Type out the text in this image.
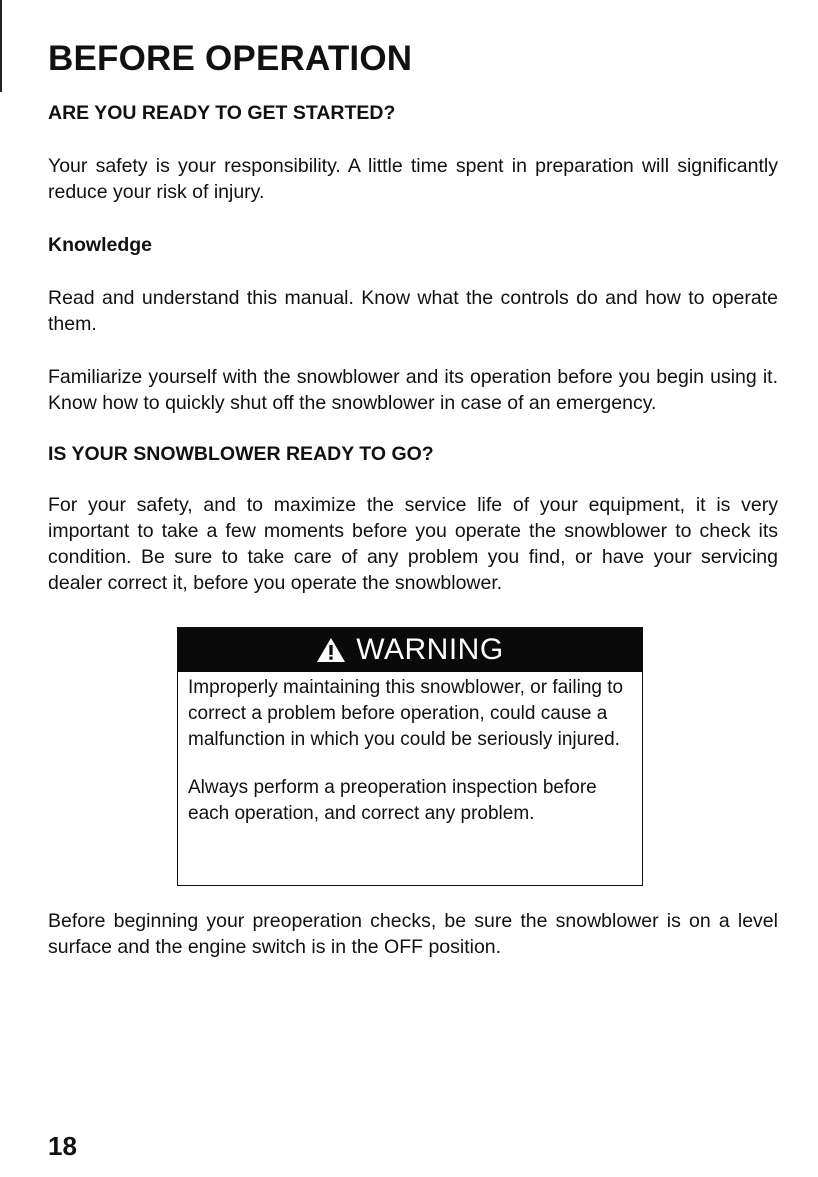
BEFORE OPERATION
ARE YOU READY TO GET STARTED?

Your safety is your responsibility. A little time spent in preparation will significantly reduce your risk of injury.

Knowledge

Read and understand this manual. Know what the controls do and how to operate them.

Familiarize yourself with the snowblower and its operation before you begin using it. Know how to quickly shut off the snowblower in case of an emergency.

IS YOUR SNOWBLOWER READY TO GO?

For your safety, and to maximize the service life of your equipment, it is very important to take a few moments before you operate the snowblower to check its condition. Be sure to take care of any problem you find, or have your servicing dealer correct it, before you operate the snowblower.

WARNING

Improperly maintaining this snowblower, or failing to correct a problem before operation, could cause a malfunction in which you could be seriously injured.

Always perform a preoperation inspection before each operation, and correct any problem.

Before beginning your preoperation checks, be sure the snowblower is on a level surface and the engine switch is in the OFF position.

18
